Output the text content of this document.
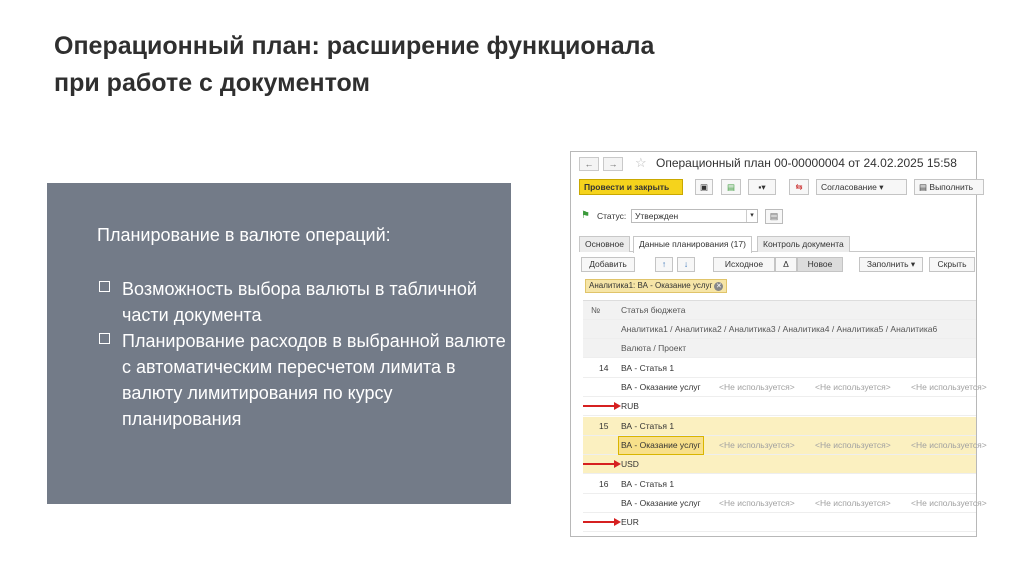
Операционный план: расширение функционала
при работе с документом
Планирование в валюте операций:
Возможность выбора валюты в табличной части документа
Планирование расходов в выбранной валюте с автоматическим пересчетом лимита в валюту лимитирования по курсу планирования
←	→	☆ Операционный план 00-00000004 от 24.02.2025 15:58
Провести и закрыть	▣	▤	▪▾	⇆	Согласование ▾	▤ Выполнить
⚑ Статус:	Утвержден	▾	▤
Основное	Данные планирования (17)	Контроль документа
Добавить	↑	↓	Исходное	Δ	Новое	Заполнить ▾	Скрыть
Аналитика1: ВА - Оказание услуг ✕
№ Статья бюджета
Аналитика1 / Аналитика2 / Аналитика3 / Аналитика4 / Аналитика5 / Аналитика6
Валюта / Проект
14 ВА - Статья 1
ВА - Оказание услуг <Не используется> <Не используется> <Не используется>
RUB
15 ВА - Статья 1
ВА - Оказание услуг	<Не используется> <Не используется> <Не используется>
USD
16 ВА - Статья 1
ВА - Оказание услуг <Не используется> <Не используется> <Не используется>
EUR
